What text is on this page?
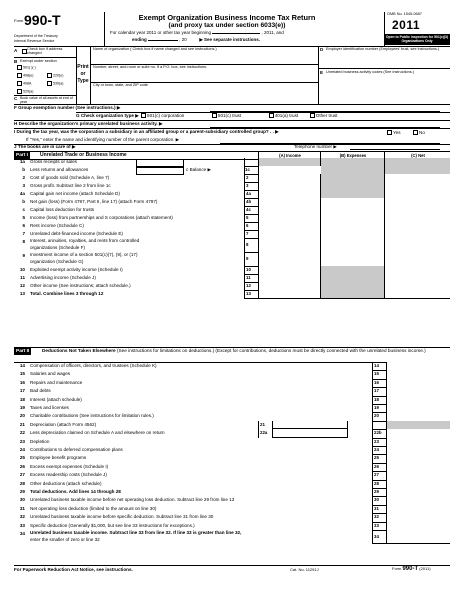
Form 990-T
Department of the Treasury
Internal Revenue Service
Exempt Organization Business Income Tax Return
(and proxy tax under section 6033(e))
For calendar year 2011 or other tax year beginning	, 2011, and
ending	, 20	▶ See separate instructions.
OMB No. 1545-0687
2011
Open to Public Inspection for 501(c)(3) Organizations Only
A	Check box if address changed
B Exempt under section
501( )( )
408(e)	220(e)
408A	530(a)
529(a)
C Book value of all assets at end of year
Print or Type
Name of organization ( Check box if name changed and see instructions.)
Number, street, and room or suite no. If a P.O. box, see instructions.
City or town, state, and ZIP code
D Employer identification number (Employees' trust, see instructions.)
E Unrelated business activity codes (See instructions.)
F Group exemption number (See instructions.) ▶
G Check organization type ▶ 501(c) corporation	501(c) trust	401(a) trust	Other trust
H Describe the organization's primary unrelated business activity. ▶
I During the tax year, was the corporation a subsidiary in an affiliated group or a parent-subsidiary controlled group? . . ▶	Yes	No
If "Yes," enter the name and identifying number of the parent corporation. ▶
J The books are in care of ▶	Telephone number ▶
Part I	Unrelated Trade or Business Income	(A) Income	(B) Expenses	(C) Net
1a Gross receipts or sales
b Less returns and allowances
2 Cost of goods sold (Schedule A, line 7)	2
3 Gross profit. Subtract line 2 from line 1c	3
4a Capital gain net income (attach Schedule D)	4a
b Net gain (loss) (Form 4797, Part II, line 17) (attach Form 4797)	4b
c Capital loss deduction for trusts	4c
5 Income (loss) from partnerships and S corporations (attach statement)	5
6 Rent income (Schedule C)	6
7 Unrelated debt-financed income (Schedule E)	7
8 Interest, annuities, royalties, and rents from controlled
organizations (Schedule F)	8
9 Investment income of a section 501(c)(7), (9), or (17)
organization (Schedule G)	9
10 Exploited exempt activity income (Schedule I)	10
11 Advertising income (Schedule J)	11
12 Other income (See instructions; attach schedule.)	12
13 Total. Combine lines 3 through 12	13
c Balance ▶	1c
Part II	Deductions Not Taken Elsewhere (See instructions for limitations on deductions.) (Except for contributions, deductions must be directly connected with the unrelated business income.)
14 Compensation of officers, directors, and trustees (Schedule K)	14
15 Salaries and wages	15
16 Repairs and maintenance	16
17 Bad debts	17
18 Interest (attach schedule)	18
19 Taxes and licenses	19
20 Charitable contributions (See instructions for limitation rules.)	20
21 Depreciation (attach Form 4562)	21
22 Less depreciation claimed on Schedule A and elsewhere on return	22a	22b
23 Depletion	23
24 Contributions to deferred compensation plans	24
25 Employee benefit programs	25
26 Excess exempt expenses (Schedule I)	26
27 Excess readership costs (Schedule J)	27
28 Other deductions (attach schedule)	28
29 Total deductions. Add lines 14 through 28	29
30 Unrelated business taxable income before net operating loss deduction. Subtract line 29 from line 13	30
31 Net operating loss deduction (limited to the amount on line 30)	31
32 Unrelated business taxable income before specific deduction. Subtract line 31 from line 30	32
33 Specific deduction (Generally $1,000, but see line 33 instructions for exceptions.)	33
34 Unrelated business taxable income. Subtract line 33 from line 32. If line 33 is greater than line 32,
enter the smaller of zero or line 32	34
For Paperwork Reduction Act Notice, see instructions.	Cat. No. 11291J	Form 990-T (2011)
